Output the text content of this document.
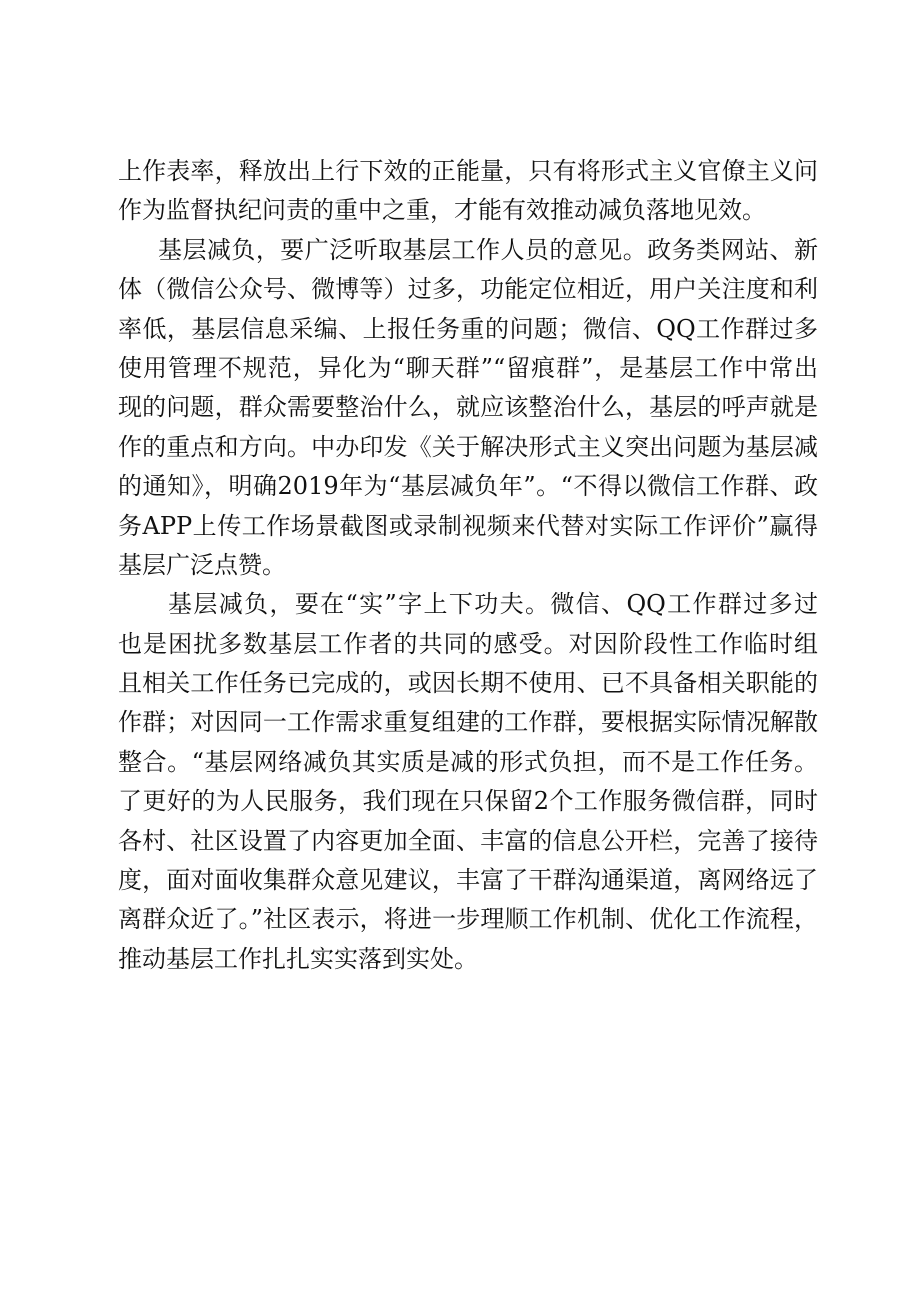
上作表率，释放出上行下效的正能量，只有将形式主义官僚主义问
作为监督执纪问责的重中之重，才能有效推动减负落地见效。
基层减负，要广泛听取基层工作人员的意见。政务类网站、新
体（微信公众号、微博等）过多，功能定位相近，用户关注度和利
率低，基层信息采编、上报任务重的问题；微信、QQ工作群过多
使用管理不规范，异化为“聊天群”“留痕群”，是基层工作中常出
现的问题，群众需要整治什么，就应该整治什么，基层的呼声就是
作的重点和方向。中办印发《关于解决形式主义突出问题为基层减
的通知》，明确2019年为“基层减负年”。“不得以微信工作群、政
务APP上传工作场景截图或录制视频来代替对实际工作评价”赢得
基层广泛点赞。
基层减负，要在“实”字上下功夫。微信、QQ工作群过多过
也是困扰多数基层工作者的共同的感受。对因阶段性工作临时组
且相关工作任务已完成的，或因长期不使用、已不具备相关职能的
作群；对因同一工作需求重复组建的工作群，要根据实际情况解散
整合。“基层网络减负其实质是减的形式负担，而不是工作任务。
了更好的为人民服务，我们现在只保留2个工作服务微信群，同时
各村、社区设置了内容更加全面、丰富的信息公开栏，完善了接待
度，面对面收集群众意见建议，丰富了干群沟通渠道，离网络远了
离群众近了。”社区表示，将进一步理顺工作机制、优化工作流程，
推动基层工作扎扎实实落到实处。
